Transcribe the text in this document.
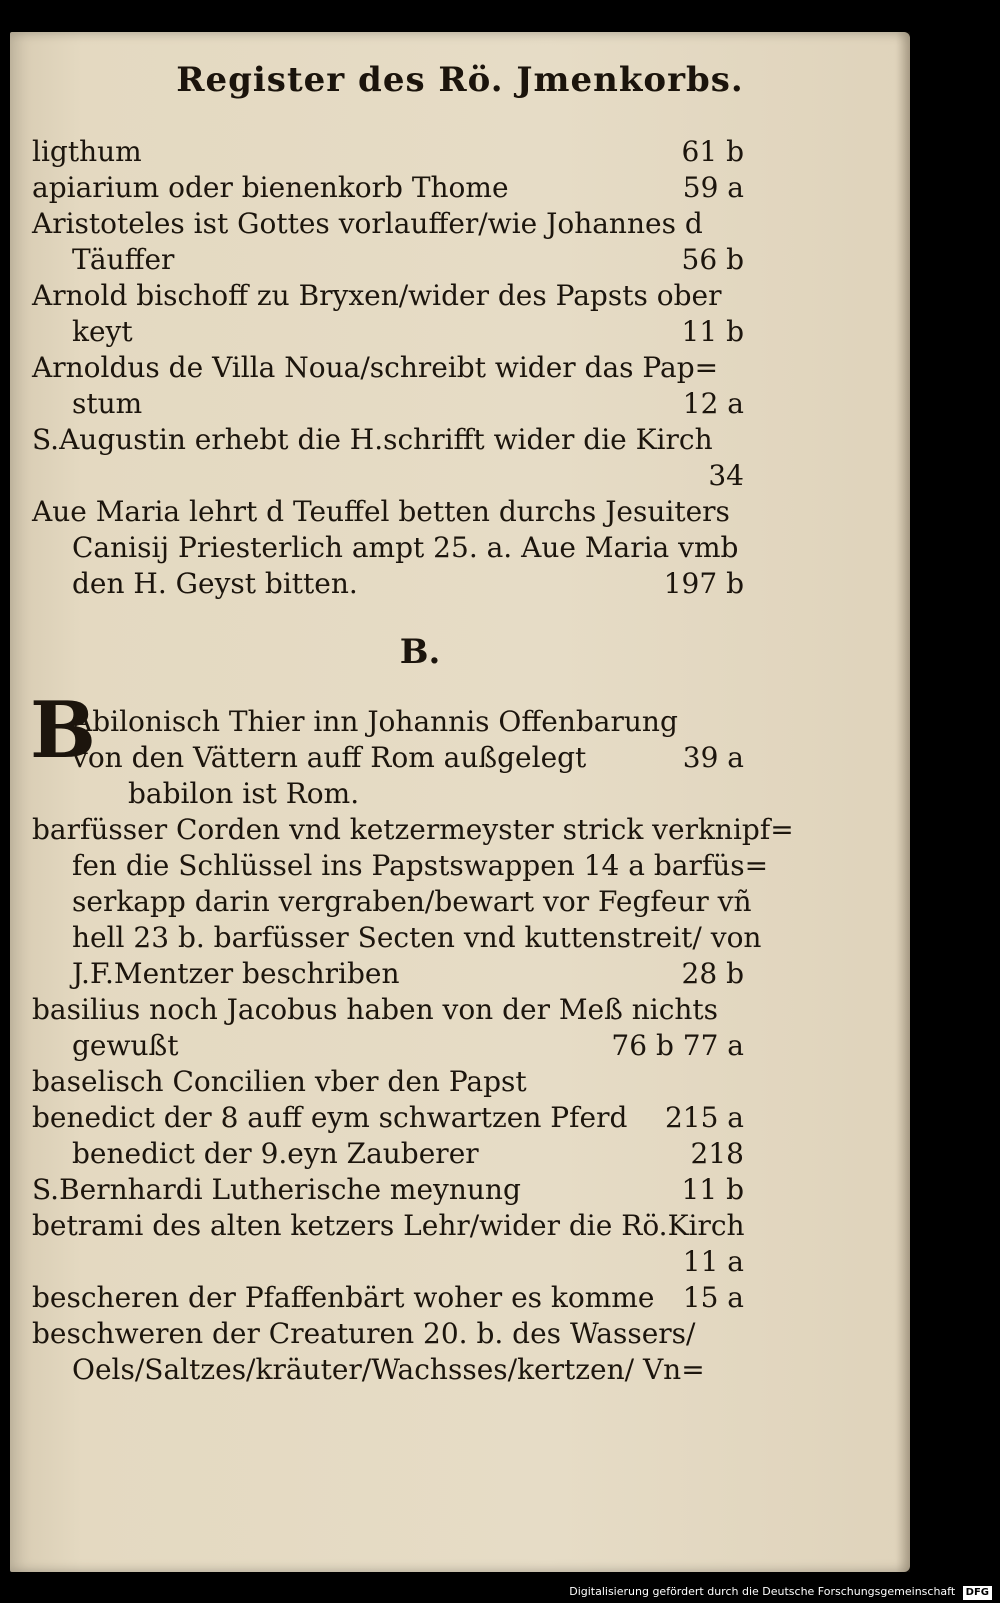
Register des Rö. Jmenkorbs.
ligthum	61 b
apiarium oder bienenkorb Thome	59 a
Aristoteles ist Gottes vorlauffer/wie Johannes d
Täuffer	56 b
Arnold bischoff zu Bryxen/wider des Papsts ober
keyt	11 b
Arnoldus de Villa Noua/schreibt wider das Pap=
stum	12 a
S.Augustin erhebt die H.schrifft wider die Kirch
34
Aue Maria lehrt d Teuffel betten durchs Jesuiters
Canisij Priesterlich ampt 25. a. Aue Maria vmb
den H. Geyst bitten.	197 b
B.
B
Abilonisch Thier inn Johannis Offenbarung
von den Vättern auff Rom außgelegt	39 a
babilon ist Rom.
barfüsser Corden vnd ketzermeyster strick verknipf=
fen die Schlüssel ins Papstswappen 14 a barfüs=
serkapp darin vergraben/bewart vor Fegfeur vñ
hell 23 b. barfüsser Secten vnd kuttenstreit/ von
J.F.Mentzer beschriben	28 b
basilius noch Jacobus haben von der Meß nichts
gewußt	76 b 77 a
baselisch Concilien vber den Papst
benedict der 8 auff eym schwartzen Pferd 215 a
benedict der 9.eyn Zauberer	218
S.Bernhardi Lutherische meynung	11 b
betrami des alten ketzers Lehr/wider die Rö.Kirch
11 a
bescheren der Pfaffenbärt woher es komme 15 a
beschweren der Creaturen 20. b. des Wassers/
Oels/Saltzes/kräuter/Wachsses/kertzen/ Vn=
Digitalisierung gefördert durch die Deutsche Forschungsgemeinschaft DFG
